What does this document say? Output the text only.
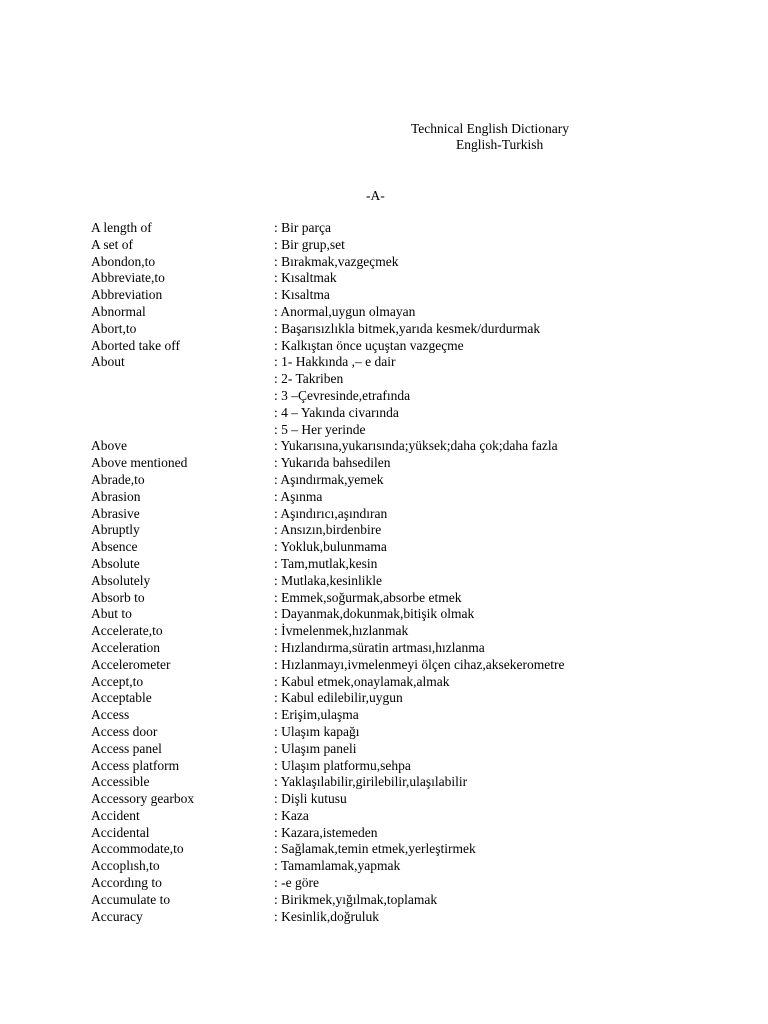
Technical English Dictionary
English-Turkish
-A-
A length of	: Bir parça
A set of	: Bir grup,set
Abondon,to	: Bırakmak,vazgeçmek
Abbreviate,to	: Kısaltmak
Abbreviation	: Kısaltma
Abnormal	: Anormal,uygun olmayan
Abort,to	: Başarısızlıkla bitmek,yarıda kesmek/durdurmak
Aborted take off	: Kalkıştan önce uçuştan vazgeçme
About	: 1- Hakkında ,– e dair
: 2- Takriben
: 3 –Çevresinde,etrafında
: 4 – Yakında civarında
: 5 – Her yerinde
Above	: Yukarısına,yukarısında;yüksek;daha çok;daha fazla
Above mentioned	: Yukarıda bahsedilen
Abrade,to	: Aşındırmak,yemek
Abrasion	: Aşınma
Abrasive	: Aşındırıcı,aşındıran
Abruptly	: Ansızın,birdenbire
Absence	: Yokluk,bulunmama
Absolute	: Tam,mutlak,kesin
Absolutely	: Mutlaka,kesinlikle
Absorb to	: Emmek,soğurmak,absorbe etmek
Abut to	: Dayanmak,dokunmak,bitişik olmak
Accelerate,to	: İvmelenmek,hızlanmak
Acceleration	: Hızlandırma,süratin artması,hızlanma
Accelerometer	: Hızlanmayı,ivmelenmeyi ölçen cihaz,aksekerometre
Accept,to	: Kabul etmek,onaylamak,almak
Acceptable	: Kabul edilebilir,uygun
Access	: Erişim,ulaşma
Access door	: Ulaşım kapağı
Access panel	: Ulaşım paneli
Access platform	: Ulaşım platformu,sehpa
Accessible	: Yaklaşılabilir,girilebilir,ulaşılabilir
Accessory gearbox	: Dişli kutusu
Accident	: Kaza
Accidental	: Kazara,istemeden
Accommodate,to	: Sağlamak,temin etmek,yerleştirmek
Accoplısh,to	: Tamamlamak,yapmak
Accordıng to	: -e göre
Accumulate to	: Birikmek,yığılmak,toplamak
Accuracy	: Kesinlik,doğruluk
